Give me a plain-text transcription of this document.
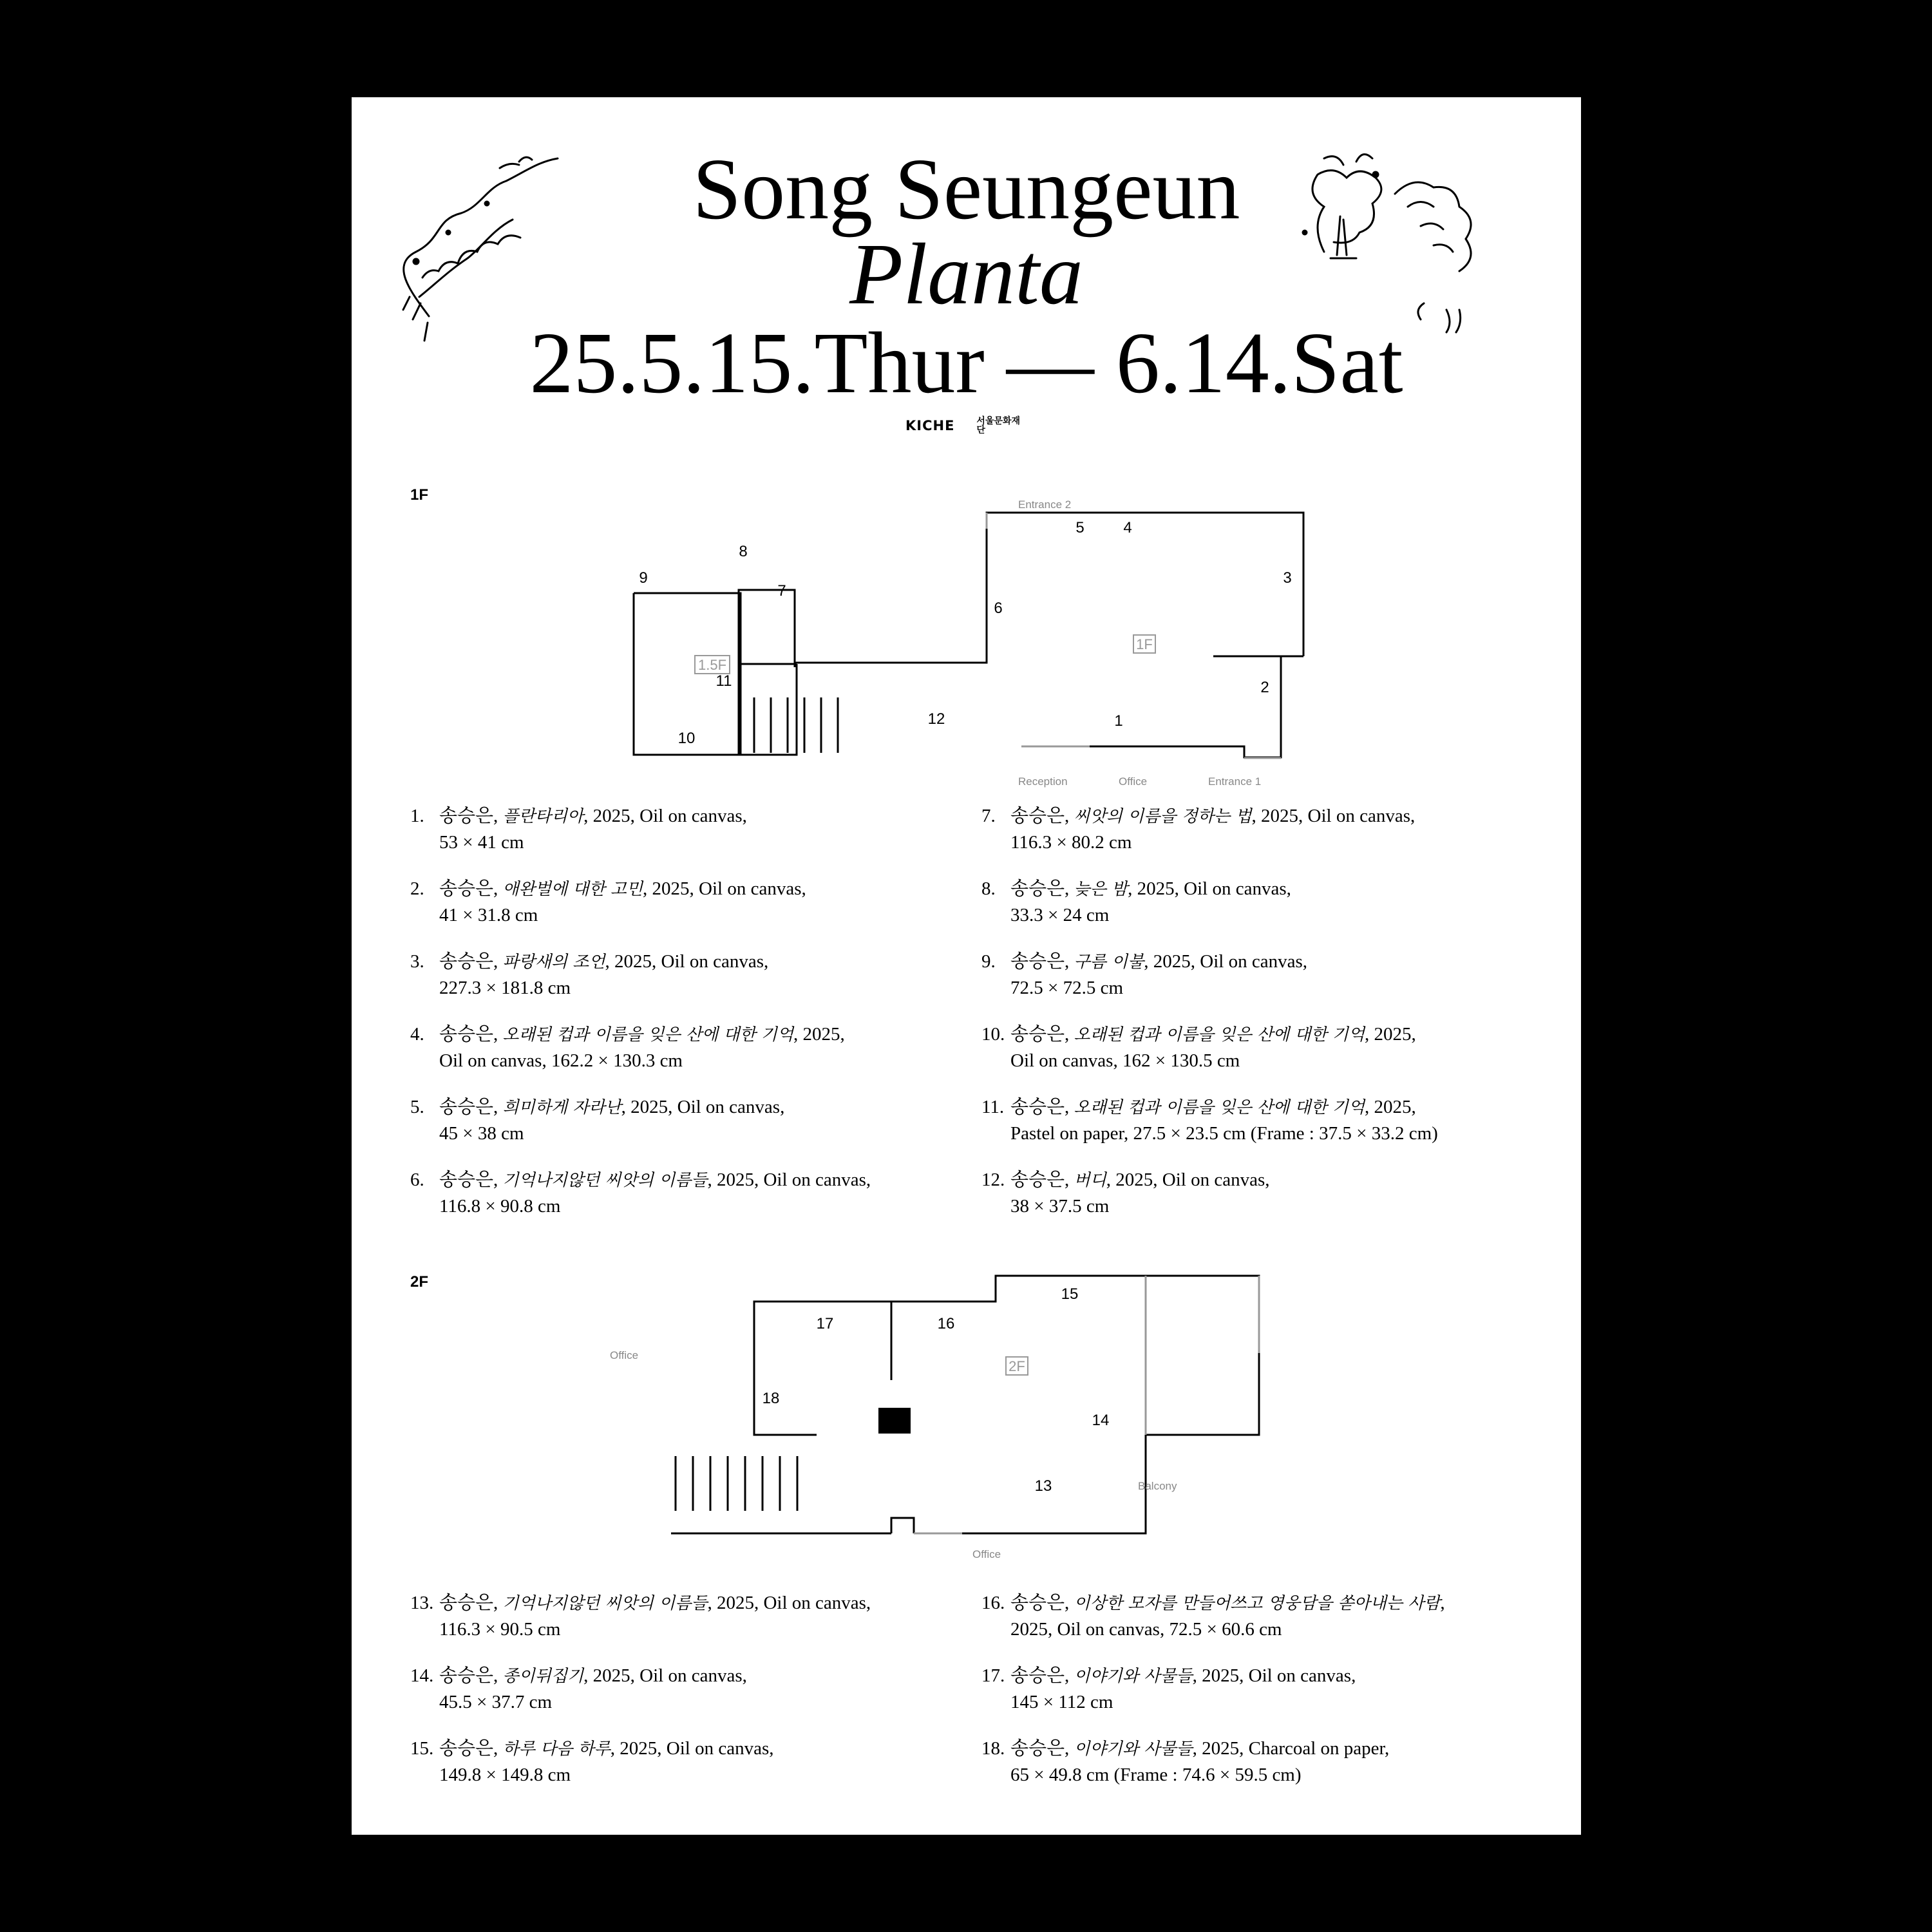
Song Seungeun
Planta
25.5.15.Thur — 6.14.Sat
KICHE 서울문화재단
1F
1.5F
1F
Entrance 2
Reception	Office	Entrance 1
1
2
3
4
5
6
7
8
9
10
11
12
1. 송승은, 플란타리아, 2025, Oil on canvas,
53 × 41 cm
2. 송승은, 애완벌에 대한 고민, 2025, Oil on canvas,
41 × 31.8 cm
3. 송승은, 파랑새의 조언, 2025, Oil on canvas,
227.3 × 181.8 cm
4. 송승은, 오래된 컵과 이름을 잊은 산에 대한 기억, 2025,
Oil on canvas, 162.2 × 130.3 cm
5. 송승은, 희미하게 자라난, 2025, Oil on canvas,
45 × 38 cm
6. 송승은, 기억나지않던 씨앗의 이름들, 2025, Oil on canvas,
116.8 × 90.8 cm
7. 송승은, 씨앗의 이름을 정하는 법, 2025, Oil on canvas,
116.3 × 80.2 cm
8. 송승은, 늦은 밤, 2025, Oil on canvas,
33.3 × 24 cm
9. 송승은, 구름 이불, 2025, Oil on canvas,
72.5 × 72.5 cm
10. 송승은, 오래된 컵과 이름을 잊은 산에 대한 기억, 2025,
Oil on canvas, 162 × 130.5 cm
11. 송승은, 오래된 컵과 이름을 잊은 산에 대한 기억, 2025,
Pastel on paper, 27.5 × 23.5 cm (Frame : 37.5 × 33.2 cm)
12. 송승은, 버디, 2025, Oil on canvas,
38 × 37.5 cm
2F
2F
Office
Office
Balcony
13
14
15
16
17
18
13. 송승은, 기억나지않던 씨앗의 이름들, 2025, Oil on canvas,
116.3 × 90.5 cm
14. 송승은, 종이뒤집기, 2025, Oil on canvas,
45.5 × 37.7 cm
15. 송승은, 하루 다음 하루, 2025, Oil on canvas,
149.8 × 149.8 cm
16. 송승은, 이상한 모자를 만들어쓰고 영웅담을 쏟아내는 사람,
2025, Oil on canvas, 72.5 × 60.6 cm
17. 송승은, 이야기와 사물들, 2025, Oil on canvas,
145 × 112 cm
18. 송승은, 이야기와 사물들, 2025, Charcoal on paper,
65 × 49.8 cm (Frame : 74.6 × 59.5 cm)
